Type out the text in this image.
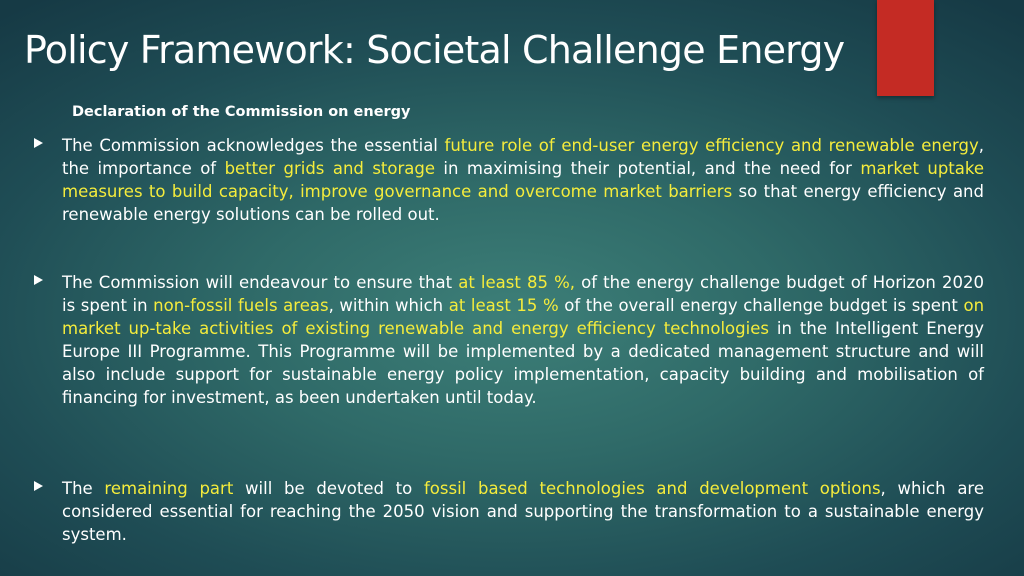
Policy Framework: Societal Challenge Energy
Declaration of the Commission on energy
The Commission acknowledges the essential future role of end-user energy efficiency and renewable energy, the importance of better grids and storage in maximising their potential, and the need for market uptake measures to build capacity, improve governance and overcome market barriers so that energy efficiency and renewable energy solutions can be rolled out.
The Commission will endeavour to ensure that at least 85 %, of the energy challenge budget of Horizon 2020 is spent in non-fossil fuels areas, within which at least 15 % of the overall energy challenge budget is spent on market up-take activities of existing renewable and energy efficiency technologies in the Intelligent Energy Europe III Programme. This Programme will be implemented by a dedicated management structure and will also include support for sustainable energy policy implementation, capacity building and mobilisation of financing for investment, as been undertaken until today.
The remaining part will be devoted to fossil based technologies and development options, which are considered essential for reaching the 2050 vision and supporting the transformation to a sustainable energy system.
